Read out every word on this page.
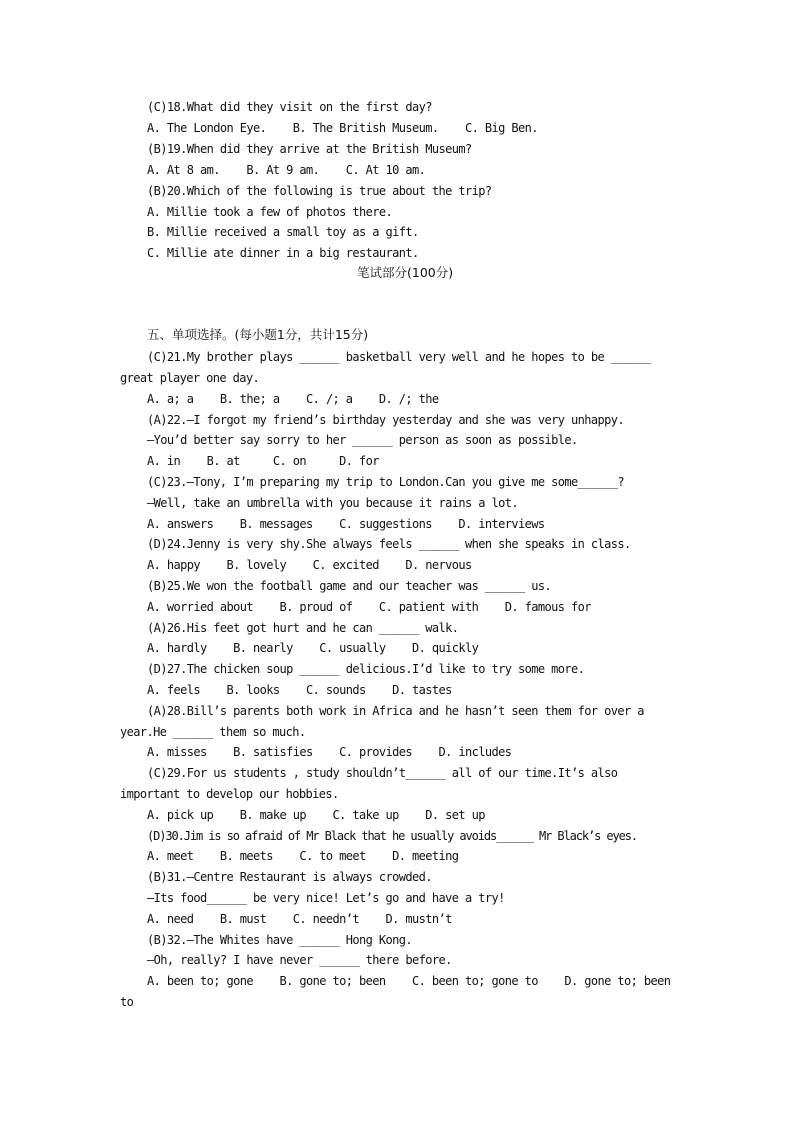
(C)18.What did they visit on the first day?
A. The London Eye.    B. The British Museum.    C. Big Ben.
(B)19.When did they arrive at the British Museum?
A. At 8 am.    B. At 9 am.    C. At 10 am.
(B)20.Which of the following is true about the trip?
A. Millie took a few of photos there.
B. Millie received a small toy as a gift.
C. Millie ate dinner in a big restaurant.
笔试部分(100分)
五、单项选择。(每小题1分，共计15分)
(C)21.My brother plays ______ basketball very well and he hopes to be ______
great player one day.
A. a; a    B. the; a    C. /; a    D. /; the
(A)22.—I forgot my friend’s birthday yesterday and she was very unhappy.
—You’d better say sorry to her ______ person as soon as possible.
A. in    B. at     C. on     D. for
(C)23.—Tony, I’m preparing my trip to London.Can you give me some______?
—Well, take an umbrella with you because it rains a lot.
A. answers    B. messages    C. suggestions    D. interviews
(D)24.Jenny is very shy.She always feels ______ when she speaks in class.
A. happy    B. lovely    C. excited    D. nervous
(B)25.We won the football game and our teacher was ______ us.
A. worried about    B. proud of    C. patient with    D. famous for
(A)26.His feet got hurt and he can ______ walk.
A. hardly    B. nearly    C. usually    D. quickly
(D)27.The chicken soup ______ delicious.I’d like to try some more.
A. feels    B. looks    C. sounds    D. tastes
(A)28.Bill’s parents both work in Africa and he hasn’t seen them for over a
year.He ______ them so much.
A. misses    B. satisfies    C. provides    D. includes
(C)29.For us students , study shouldn’t______ all of our time.It’s also
important to develop our hobbies.
A. pick up    B. make up    C. take up    D. set up
(D)30.Jim is so afraid of Mr Black that he usually avoids______ Mr Black’s eyes.
A. meet    B. meets    C. to meet    D. meeting
(B)31.—Centre Restaurant is always crowded.
—Its food______ be very nice! Let’s go and have a try!
A. need    B. must    C. needn’t    D. mustn’t
(B)32.—The Whites have ______ Hong Kong.
—Oh, really? I have never ______ there before.
A. been to; gone    B. gone to; been    C. been to; gone to    D. gone to; been
to
